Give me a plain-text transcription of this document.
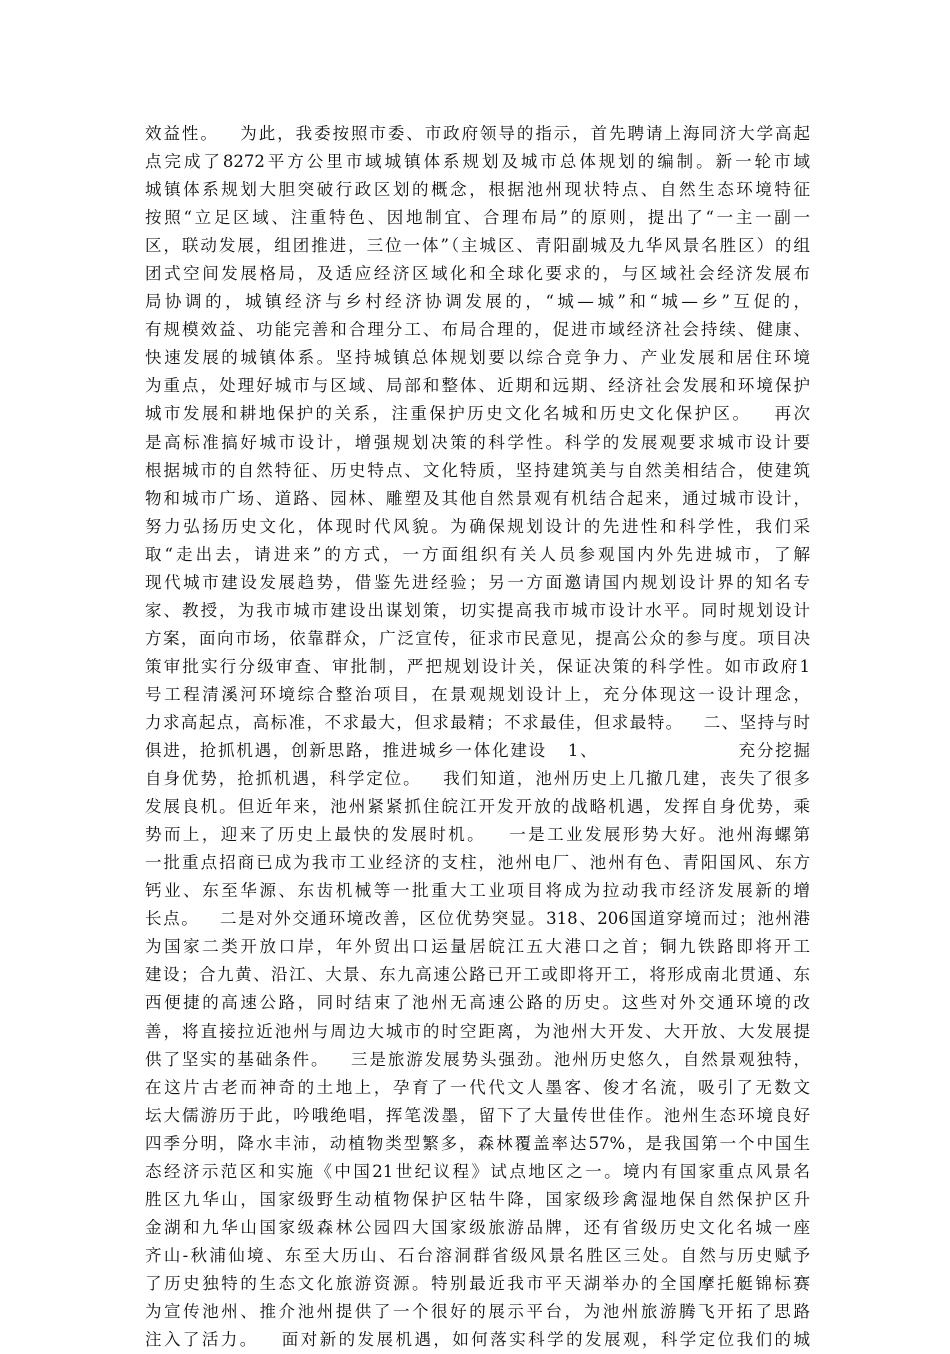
效益性。   为此，我委按照市委、市政府领导的指示，首先聘请上海同济大学高起
点完成了8272平方公里市域城镇体系规划及城市总体规划的编制。新一轮市域
城镇体系规划大胆突破行政区划的概念，根据池州现状特点、自然生态环境特征
按照“立足区域、注重特色、因地制宜、合理布局”的原则，提出了“一主一副一
区，联动发展，组团推进，三位一体”（主城区、青阳副城及九华风景名胜区）的组
团式空间发展格局，及适应经济区域化和全球化要求的，与区域社会经济发展布
局协调的，城镇经济与乡村经济协调发展的，“城—城”和“城—乡”互促的，
有规模效益、功能完善和合理分工、布局合理的，促进市域经济社会持续、健康、
快速发展的城镇体系。坚持城镇总体规划要以综合竞争力、产业发展和居住环境
为重点，处理好城市与区域、局部和整体、近期和远期、经济社会发展和环境保护
城市发展和耕地保护的关系，注重保护历史文化名城和历史文化保护区。   再次
是高标准搞好城市设计，增强规划决策的科学性。科学的发展观要求城市设计要
根据城市的自然特征、历史特点、文化特质，坚持建筑美与自然美相结合，使建筑
物和城市广场、道路、园林、雕塑及其他自然景观有机结合起来，通过城市设计，
努力弘扬历史文化，体现时代风貌。为确保规划设计的先进性和科学性，我们采
取“走出去，请进来”的方式，一方面组织有关人员参观国内外先进城市，了解
现代城市建设发展趋势，借鉴先进经验；另一方面邀请国内规划设计界的知名专
家、教授，为我市城市建设出谋划策，切实提高我市城市设计水平。同时规划设计
方案，面向市场，依靠群众，广泛宣传，征求市民意见，提高公众的参与度。项目决
策审批实行分级审查、审批制，严把规划设计关，保证决策的科学性。如市政府1
号工程清溪河环境综合整治项目，在景观规划设计上，充分体现这一设计理念，
力求高起点，高标准，不求最大，但求最精；不求最佳，但求最特。   二、坚持与时
俱进，抢抓机遇，创新思路，推进城乡一体化建设   1、                    充分挖掘
自身优势，抢抓机遇，科学定位。   我们知道，池州历史上几撤几建，丧失了很多
发展良机。但近年来，池州紧紧抓住皖江开发开放的战略机遇，发挥自身优势，乘
势而上，迎来了历史上最快的发展时机。   一是工业发展形势大好。池州海螺第
一批重点招商已成为我市工业经济的支柱，池州电厂、池州有色、青阳国风、东方
钙业、东至华源、东齿机械等一批重大工业项目将成为拉动我市经济发展新的增
长点。   二是对外交通环境改善，区位优势突显。318、206国道穿境而过；池州港
为国家二类开放口岸，年外贸出口运量居皖江五大港口之首；铜九铁路即将开工
建设；合九黄、沿江、大景、东九高速公路已开工或即将开工，将形成南北贯通、东
西便捷的高速公路，同时结束了池州无高速公路的历史。这些对外交通环境的改
善，将直接拉近池州与周边大城市的时空距离，为池州大开发、大开放、大发展提
供了坚实的基础条件。   三是旅游发展势头强劲。池州历史悠久，自然景观独特，
在这片古老而神奇的土地上，孕育了一代代文人墨客、俊才名流，吸引了无数文
坛大儒游历于此，吟哦绝唱，挥笔泼墨，留下了大量传世佳作。池州生态环境良好
四季分明，降水丰沛，动植物类型繁多，森林覆盖率达57%，是我国第一个中国生
态经济示范区和实施《中国21世纪议程》试点地区之一。境内有国家重点风景名
胜区九华山，国家级野生动植物保护区牯牛降，国家级珍禽湿地保自然保护区升
金湖和九华山国家级森林公园四大国家级旅游品牌，还有省级历史文化名城一座
齐山-秋浦仙境、东至大历山、石台溶洞群省级风景名胜区三处。自然与历史赋予
了历史独特的生态文化旅游资源。特别最近我市平天湖举办的全国摩托艇锦标赛
为宣传池州、推介池州提供了一个很好的展示平台，为池州旅游腾飞开拓了思路
注入了活力。   面对新的发展机遇，如何落实科学的发展观，科学定位我们的城
